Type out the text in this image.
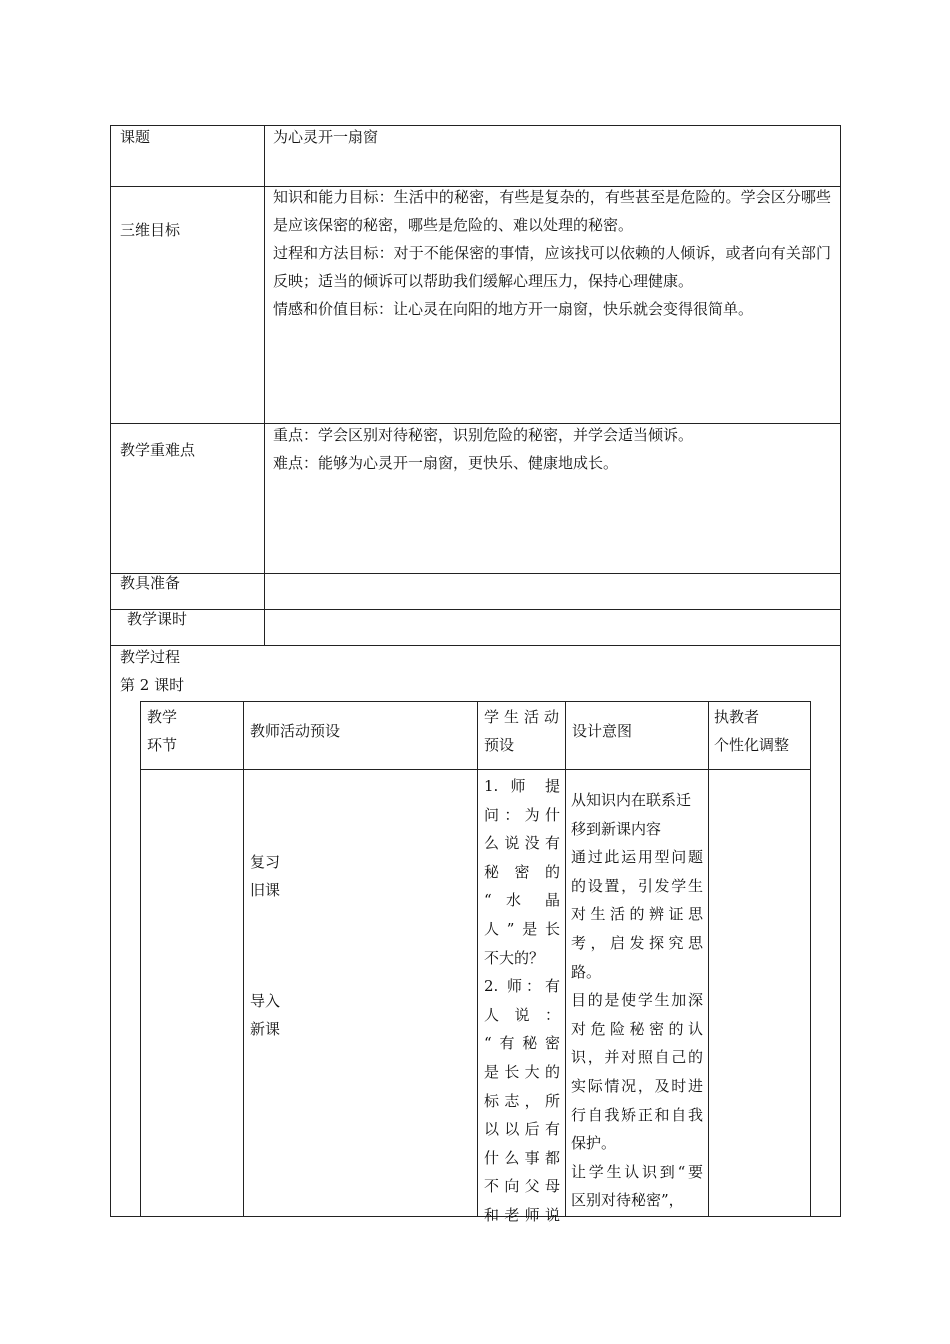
课题	为心灵开一扇窗
三维目标
知识和能力目标：生活中的秘密，有些是复杂的，有些甚至是危险的。学会区分哪些是应该保密的秘密，哪些是危险的、难以处理的秘密。
过程和方法目标：对于不能保密的事情，应该找可以依赖的人倾诉，或者向有关部门反映；适当的倾诉可以帮助我们缓解心理压力，保持心理健康。
情感和价值目标：让心灵在向阳的地方开一扇窗，快乐就会变得很简单。
教学重难点
重点：学会区别对待秘密，识别危险的秘密，并学会适当倾诉。
难点：能够为心灵开一扇窗，更快乐、健康地成长。
教具准备
教学课时
教学过程
第 2 课时
教学
环节
教师活动预设
学生活动
预设
设计意图
执教者
个性化调整
复习
旧课
导入
新课
1. 师 提
问：为什
么说没有
秘 密 的
“ 水 晶
人”是长
不大的？
2. 师：有
人 说 ：
“有秘密
是长大的
标志，所
以以后有
什么事都
不向父母
和老师说
从知识内在联系迁
移到新课内容
通过此运用型问题
的设置，引发学生
对生活的辨证思
考，启发探究思
路。
目的是使学生加深
对危险秘密的认
识，并对照自己的
实际情况，及时进
行自我矫正和自我
保护。
让学生认识到“要
区别对待秘密”，
